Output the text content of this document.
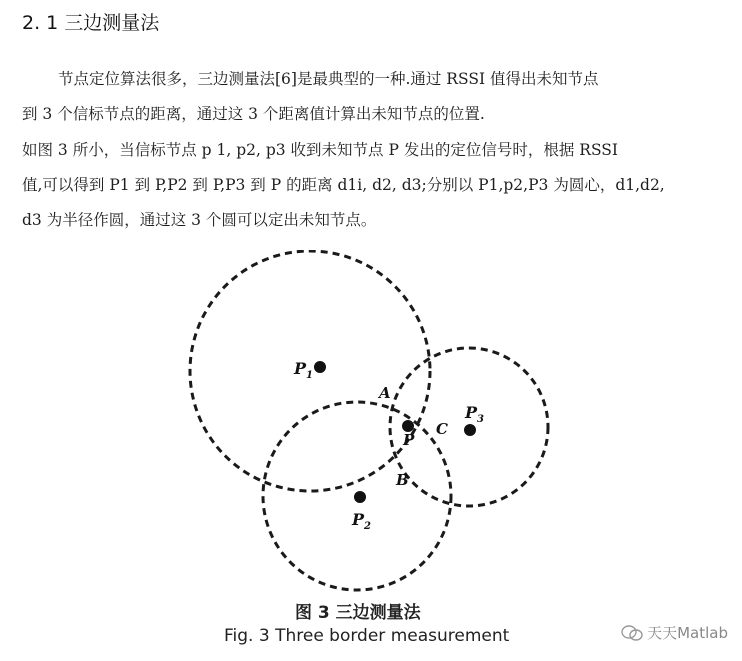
2. 1 三边测量法
节点定位算法很多，三边测量法[6]是最典型的一种.通过 RSSI 值得出未知节点
到 3 个信标节点的距离，通过这 3 个距离值计算出未知节点的位置.
如图 3 所小，当信标节点 p 1, p2, p3 收到未知节点 P 发出的定位信号时，根据 RSSI
值,可以得到 P1 到 P,P2 到 P,P3 到 P 的距离 d1i, d2, d3;分别以 P1,p2,P3 为圆心，d1,d2,
d3 为半径作圆，通过这 3 个圆可以定出未知节点。
$P_1$
$P_2$
$P_3$
P
A
B
C
图 3 三边测量法
Fig. 3 Three border measurement	天天Matlab
